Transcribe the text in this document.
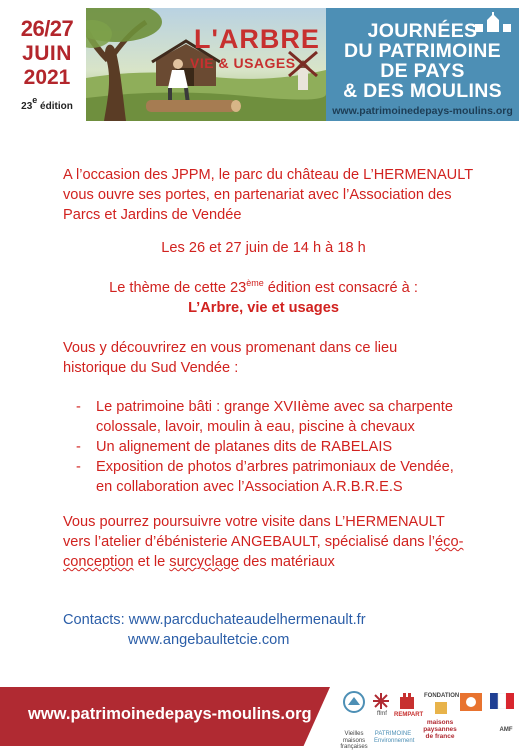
26/27
JUIN
2021
23e édition
L'ARBRE
VIE & USAGES
JOURNÉES
DU PATRIMOINE
DE PAYS
& DES MOULINS
www.patrimoinedepays-moulins.org

A l’occasion des JPPM, le parc du château de L’HERMENAULT

vous ouvre ses portes, en partenariat avec l’Association des

Parcs et Jardins de Vendée

Les 26 et 27 juin de 14 h à 18 h

Le thème de cette 23ème édition est consacré à :

L’Arbre, vie et usages

Vous y découvrirez en vous promenant dans ce lieu

historique du Sud Vendée :

- Le patrimoine bâti : grange XVIIème avec sa charpente

colossale, lavoir, moulin à eau, piscine à chevaux

- Un alignement de platanes dits de RABELAIS

- Exposition de photos d’arbres patrimoniaux de Vendée,

en collaboration avec l’Association A.R.B.R.E.S

Vous pourrez poursuivre votre visite dans L’HERMENAULT

vers l’atelier d’ébénisterie ANGEBAULT, spécialisé dans l’éco-

conception et le surcyclage des matériaux

Contacts: www.parcduchateaudelhermenault.fr

www.angebaultetcie.com

www.patrimoinedepays-moulins.org	ffmf	REMPART
FONDATION
maisons paysannes de france
PATRIMOINE Environnement
Vieilles maisons françaises
AMF
